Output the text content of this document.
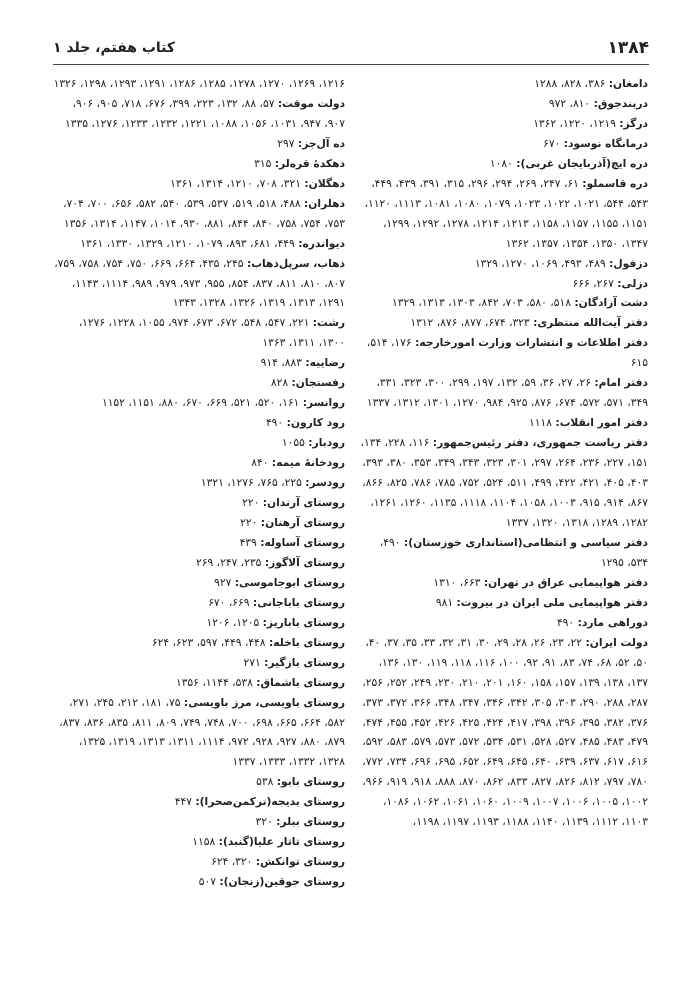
۱۳۸۴
کتاب هفتم، جلد ۱
دامغان: ۳۸۶، ۸۲۸، ۱۲۸۸
دربندجوق: ۸۱۰، ۹۷۲
درگز: ۱۲۱۹، ۱۲۲۰، ۱۳۶۲
درمانگاه نوسود: ۶۷۰
دره ایچ(آذربایجان غربی): ۱۰۸۰
دره قاسملو: ۶۱، ۲۴۷، ۲۶۹، ۲۹۴، ۲۹۶، ۳۱۵، ۳۹۱، ۴۳۹، ۴۴۹، ۵۴۳، ۵۴۴، ۱۰۲۱، ۱۰۲۲، ۱۰۲۳، ۱۰۷۹، ۱۰۸۰، ۱۰۸۱، ۱۱۱۳، ۱۱۲۰، ۱۱۵۱، ۱۱۵۵، ۱۱۵۷، ۱۱۵۸، ۱۲۱۳، ۱۲۱۴، ۱۲۷۸، ۱۲۹۲، ۱۲۹۹، ۱۳۴۷، ۱۳۵۰، ۱۳۵۴، ۱۳۵۷، ۱۳۶۲
دزفول: ۴۸۹، ۴۹۳، ۱۰۶۹، ۱۲۷۰، ۱۳۲۹
دزلی: ۲۶۷، ۶۶۶
دشت آزادگان: ۵۱۸، ۵۸۰، ۷۰۳، ۸۴۲، ۱۳۰۳، ۱۳۱۳، ۱۳۲۹
دفتر آیت‌الله منتظری: ۳۲۳، ۶۷۴، ۸۷۷، ۸۷۶، ۱۳۱۲
دفتر اطلاعات و انتشارات وزارت امورخارجه: ۱۷۶، ۵۱۴، ۶۱۵
دفتر امام: ۲۶، ۲۷، ۳۶، ۵۹، ۱۳۲، ۱۹۷، ۲۹۹، ۳۰۰، ۳۲۳، ۳۳۱، ۳۴۹، ۵۷۱، ۵۷۲، ۶۷۴، ۸۷۶، ۹۲۵، ۹۸۴، ۱۲۷۰، ۱۳۰۱، ۱۳۱۲، ۱۳۳۷
دفتر امور انقلاب: ۱۱۱۸
دفتر ریاست جمهوری، دفتر رئیس‌جمهور: ۱۱۶، ۲۲۸، ۱۳۴، ۱۵۱، ۲۲۷، ۲۳۶، ۲۶۴، ۲۹۷، ۳۰۱، ۳۲۳، ۳۴۳، ۳۴۹، ۳۵۳، ۳۸۰، ۳۹۳، ۴۰۳، ۴۰۵، ۴۲۱، ۴۲۲، ۴۹۹، ۵۱۱، ۵۲۴، ۷۵۲، ۷۸۵، ۷۸۶، ۸۲۵، ۸۶۶، ۸۶۷، ۹۱۴، ۹۱۵، ۱۰۰۳، ۱۰۵۸، ۱۱۰۴، ۱۱۱۸، ۱۱۳۵، ۱۲۶۰، ۱۲۶۱، ۱۲۸۲، ۱۲۸۹، ۱۳۱۸، ۱۳۲۰، ۱۳۳۷
دفتر سیاسی و انتظامی(استانداری خوزستان): ۴۹۰، ۵۳۴، ۱۲۹۵
دفتر هواپیمایی عراق در تهران: ۶۶۳، ۱۳۱۰
دفتر هواپیمایی ملی ایران در بیروت: ۹۸۱
دوراهی مارد: ۴۹۰
دولت ایران: ۲۲، ۲۳، ۲۶، ۲۸، ۲۹، ۳۰، ۳۱، ۳۲، ۳۳، ۳۵، ۳۷، ۴۰، ۵۰، ۵۲، ۶۸، ۷۴، ۸۳، ۹۱، ۹۲، ۱۰۰، ۱۱۶، ۱۱۸، ۱۱۹، ۱۳۰، ۱۳۶، ۱۳۷، ۱۳۸، ۱۳۹، ۱۵۷، ۱۵۸، ۱۶۰، ۲۰۱، ۲۱۰، ۲۳۰، ۲۴۹، ۲۵۲، ۲۵۶، ۲۸۷، ۲۸۸، ۲۹۰، ۳۰۳، ۳۰۵، ۳۴۲، ۳۴۶، ۳۴۷، ۳۴۸، ۳۶۶، ۳۷۲، ۳۷۳، ۳۷۶، ۳۸۲، ۳۹۵، ۳۹۶، ۳۹۸، ۴۱۷، ۴۲۴، ۴۲۵، ۴۲۶، ۴۵۲، ۴۵۵، ۴۷۴، ۴۷۹، ۴۸۳، ۴۸۵، ۵۲۷، ۵۲۸، ۵۳۱، ۵۳۴، ۵۷۲، ۵۷۳، ۵۷۹، ۵۸۳، ۵۹۲، ۶۱۶، ۶۱۷، ۶۳۷، ۶۳۹، ۶۴۰، ۶۴۵، ۶۴۹، ۶۵۲، ۶۹۵، ۶۹۶، ۷۳۴، ۷۷۲، ۷۸۰، ۷۹۷، ۸۱۲، ۸۲۶، ۸۲۷، ۸۳۳، ۸۶۲، ۸۷۰، ۸۸۸، ۹۱۸، ۹۱۹، ۹۶۶، ۱۰۰۲، ۱۰۰۵، ۱۰۰۶، ۱۰۰۷، ۱۰۰۹، ۱۰۶۰، ۱۰۶۱، ۱۰۶۲، ۱۰۸۶، ۱۱۰۳، ۱۱۱۲، ۱۱۳۹، ۱۱۴۰، ۱۱۸۸، ۱۱۹۳، ۱۱۹۷، ۱۱۹۸،
۱۲۱۶، ۱۲۶۹، ۱۲۷۰، ۱۲۷۸، ۱۲۸۵، ۱۲۸۶، ۱۲۹۱، ۱۲۹۳، ۱۲۹۸، ۱۳۲۶
دولت موقت: ۵۷، ۸۸، ۱۳۲، ۲۲۳، ۳۹۹، ۶۷۶، ۷۱۸، ۹۰۵، ۹۰۶، ۹۰۷، ۹۴۷، ۱۰۳۱، ۱۰۵۶، ۱۰۸۸، ۱۲۲۱، ۱۲۳۲، ۱۲۳۳، ۱۲۷۶، ۱۳۳۵
ده آل‌جز: ۲۹۷
دهکدهٔ قره‌لر: ۳۱۵
دهگلان: ۳۲۱، ۷۰۸، ۱۲۱۰، ۱۳۱۴، ۱۳۶۱
دهلران: ۴۸۸، ۵۱۸، ۵۱۹، ۵۳۷، ۵۳۹، ۵۴۰، ۵۸۲، ۶۵۶، ۷۰۰، ۷۰۴، ۷۵۳، ۷۵۴، ۷۵۸، ۸۴۰، ۸۴۴، ۸۸۱، ۹۳۰، ۱۰۱۴، ۱۱۴۷، ۱۳۱۴، ۱۳۵۶
دیواندره: ۴۴۹، ۶۸۱، ۸۹۳، ۱۰۷۹، ۱۲۱۰، ۱۳۲۹، ۱۳۳۰، ۱۳۶۱
ذهاب، سرپل‌ذهاب: ۲۴۵، ۴۳۵، ۶۶۴، ۶۶۹، ۷۵۰، ۷۵۴، ۷۵۸، ۷۵۹، ۸۰۷، ۸۱۰، ۸۱۱، ۸۳۷، ۸۵۴، ۹۵۵، ۹۷۳، ۹۷۹، ۹۸۹، ۱۱۱۴، ۱۱۴۳، ۱۲۹۱، ۱۳۱۳، ۱۳۱۹، ۱۳۲۶، ۱۳۲۸، ۱۳۴۳
رشت: ۲۲۱، ۵۴۷، ۵۴۸، ۶۷۲، ۶۷۳، ۹۷۴، ۱۰۵۵، ۱۲۲۸، ۱۲۷۶، ۱۳۰۰، ۱۳۱۱، ۱۳۶۳
رضاییه: ۸۸۳، ۹۱۴
رفسنجان: ۸۲۸
روانسر: ۱۶۱، ۵۲۰، ۵۲۱، ۶۶۹، ۶۷۰، ۸۸۰، ۱۱۵۱، ۱۱۵۲
رود کارون: ۴۹۰
رودبار: ۱۰۵۵
رودخانهٔ میمه: ۸۴۰
رودسر: ۲۲۵، ۷۶۵، ۱۲۷۶، ۱۳۲۱
روستای آرندان: ۲۲۰
روستای آرهنان: ۲۲۰
روستای آساوله: ۴۳۹
روستای آلاگوز: ۲۳۵، ۲۴۷، ۲۶۹
روستای ابوجاموسی: ۹۲۷
روستای باباجانی: ۶۶۹، ۶۷۰
روستای باباریز: ۱۲۰۵، ۱۲۰۶
روستای باخله: ۴۴۸، ۴۴۹، ۵۹۷، ۶۲۳، ۶۲۴
روستای بازگیر: ۲۷۱
روستای باشماق: ۵۳۸، ۱۱۴۴، ۱۳۵۶
روستای باویسی، مرز باویسی: ۷۵، ۱۸۱، ۲۱۲، ۲۴۵، ۲۷۱، ۵۸۲، ۶۶۴، ۶۶۵، ۶۹۸، ۷۰۰، ۷۴۸، ۷۴۹، ۸۰۹، ۸۱۱، ۸۳۵، ۸۳۶، ۸۳۷، ۸۷۹، ۸۸۰، ۹۲۷، ۹۲۸، ۹۷۲، ۱۱۱۴، ۱۳۱۱، ۱۳۱۳، ۱۳۱۹، ۱۳۲۵، ۱۳۲۸، ۱۳۳۲، ۱۳۳۳، ۱۳۳۷
روستای بابو: ۵۳۸
روستای بدیجه(ترکمن‌صحرا): ۴۴۷
روستای بیلر: ۳۲۰
روستای تاتار علیا(گنبد): ۱۱۵۸
روستای توانکش: ۳۲۰، ۶۲۴
روستای جوقین(زنجان): ۵۰۷
